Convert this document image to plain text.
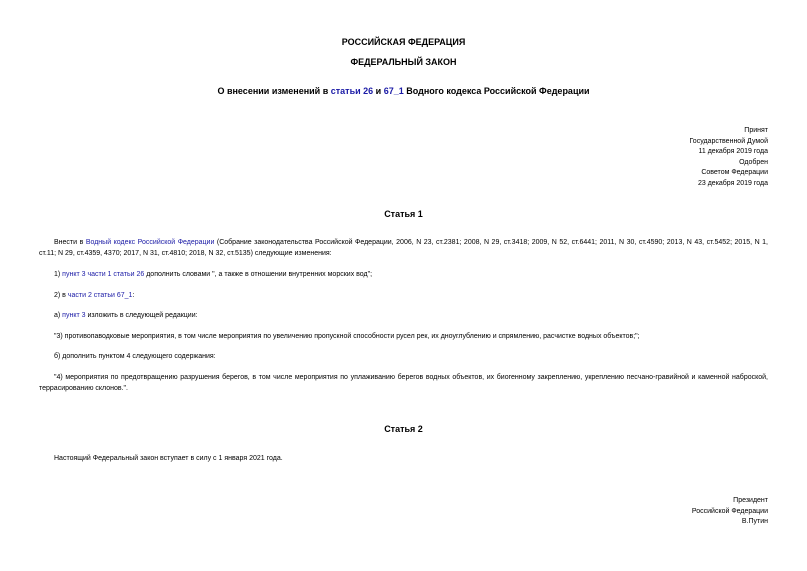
РОССИЙСКАЯ ФЕДЕРАЦИЯ
ФЕДЕРАЛЬНЫЙ ЗАКОН
О внесении изменений в статьи 26 и 67_1 Водного кодекса Российской Федерации
Принят
Государственной Думой
11 декабря 2019 года
Одобрен
Советом Федерации
23 декабря 2019 года
Статья 1
Внести в Водный кодекс Российской Федерации (Собрание законодательства Российской Федерации, 2006, N 23, ст.2381; 2008, N 29, ст.3418; 2009, N 52, ст.6441; 2011, N 30, ст.4590; 2013, N 43, ст.5452; 2015, N 1, ст.11; N 29, ст.4359, 4370; 2017, N 31, ст.4810; 2018, N 32, ст.5135) следующие изменения:
1) пункт 3 части 1 статьи 26 дополнить словами ", а также в отношении внутренних морских вод";
2) в части 2 статьи 67_1:
а) пункт 3 изложить в следующей редакции:
"3) противопаводковые мероприятия, в том числе мероприятия по увеличению пропускной способности русел рек, их дноуглублению и спрямлению, расчистке водных объектов;";
б) дополнить пунктом 4 следующего содержания:
"4) мероприятия по предотвращению разрушения берегов, в том числе мероприятия по уплаживанию берегов водных объектов, их биогенному закреплению, укреплению песчано-гравийной и каменной наброской, террасированию склонов.".
Статья 2
Настоящий Федеральный закон вступает в силу с 1 января 2021 года.
Президент
Российской Федерации
В.Путин
